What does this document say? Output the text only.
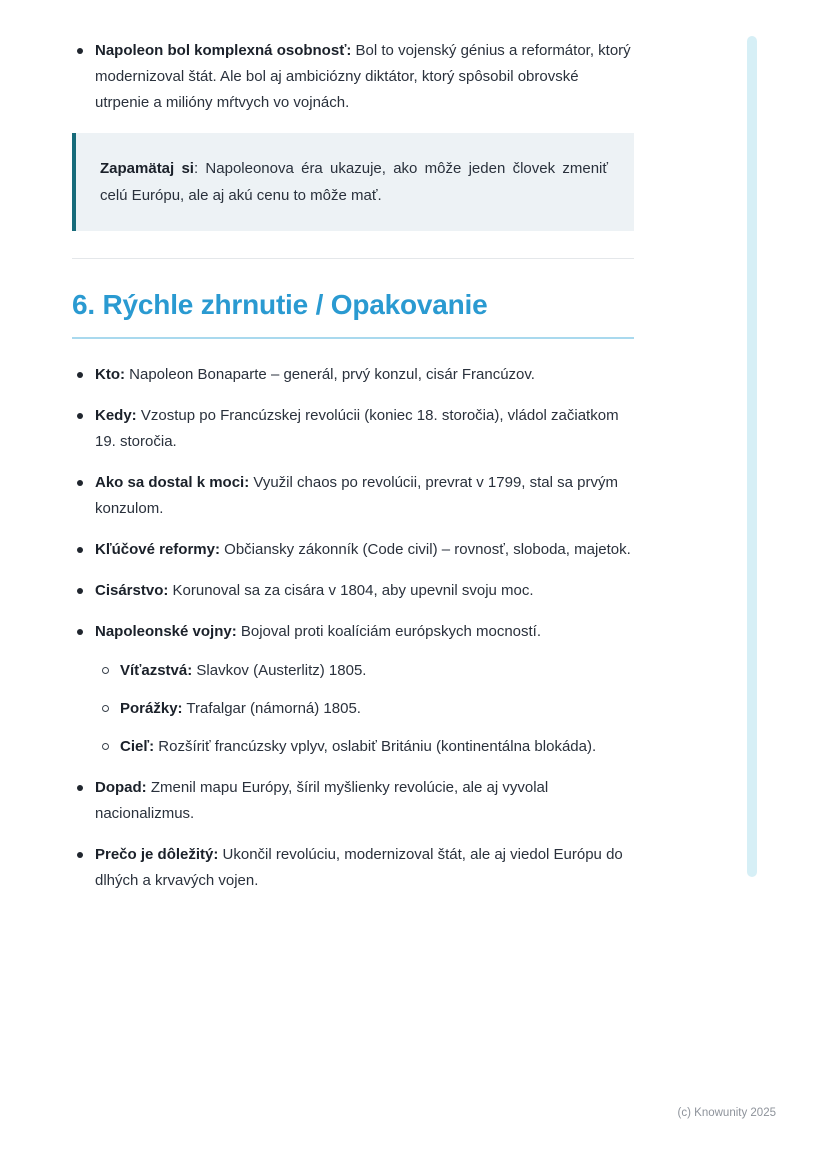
Napoleon bol komplexná osobnosť: Bol to vojenský génius a reformátor, ktorý modernizoval štát. Ale bol aj ambiciózny diktátor, ktorý spôsobil obrovské utrpenie a milióny mŕtvych vo vojnách.

Zapamätaj si: Napoleonova éra ukazuje, ako môže jeden človek zmeniť celú Európu, ale aj akú cenu to môže mať.

6. Rýchle zhrnutie / Opakovanie

Kto: Napoleon Bonaparte – generál, prvý konzul, cisár Francúzov.

Kedy: Vzostup po Francúzskej revolúcii (koniec 18. storočia), vládol začiatkom 19. storočia.

Ako sa dostal k moci: Využil chaos po revolúcii, prevrat v 1799, stal sa prvým konzulom.

Kľúčové reformy: Občiansky zákonník (Code civil) – rovnosť, sloboda, majetok.

Cisárstvo: Korunoval sa za cisára v 1804, aby upevnil svoju moc.

Napoleonské vojny: Bojoval proti koalíciám európskych mocností.

Víťazstvá: Slavkov (Austerlitz) 1805.

Porážky: Trafalgar (námorná) 1805.

Cieľ: Rozšíriť francúzsky vplyv, oslabiť Britániu (kontinentálna blokáda).

Dopad: Zmenil mapu Európy, šíril myšlienky revolúcie, ale aj vyvolal nacionalizmus.

Prečo je dôležitý: Ukončil revolúciu, modernizoval štát, ale aj viedol Európu do dlhých a krvavých vojen.

(c) Knowunity 2025
